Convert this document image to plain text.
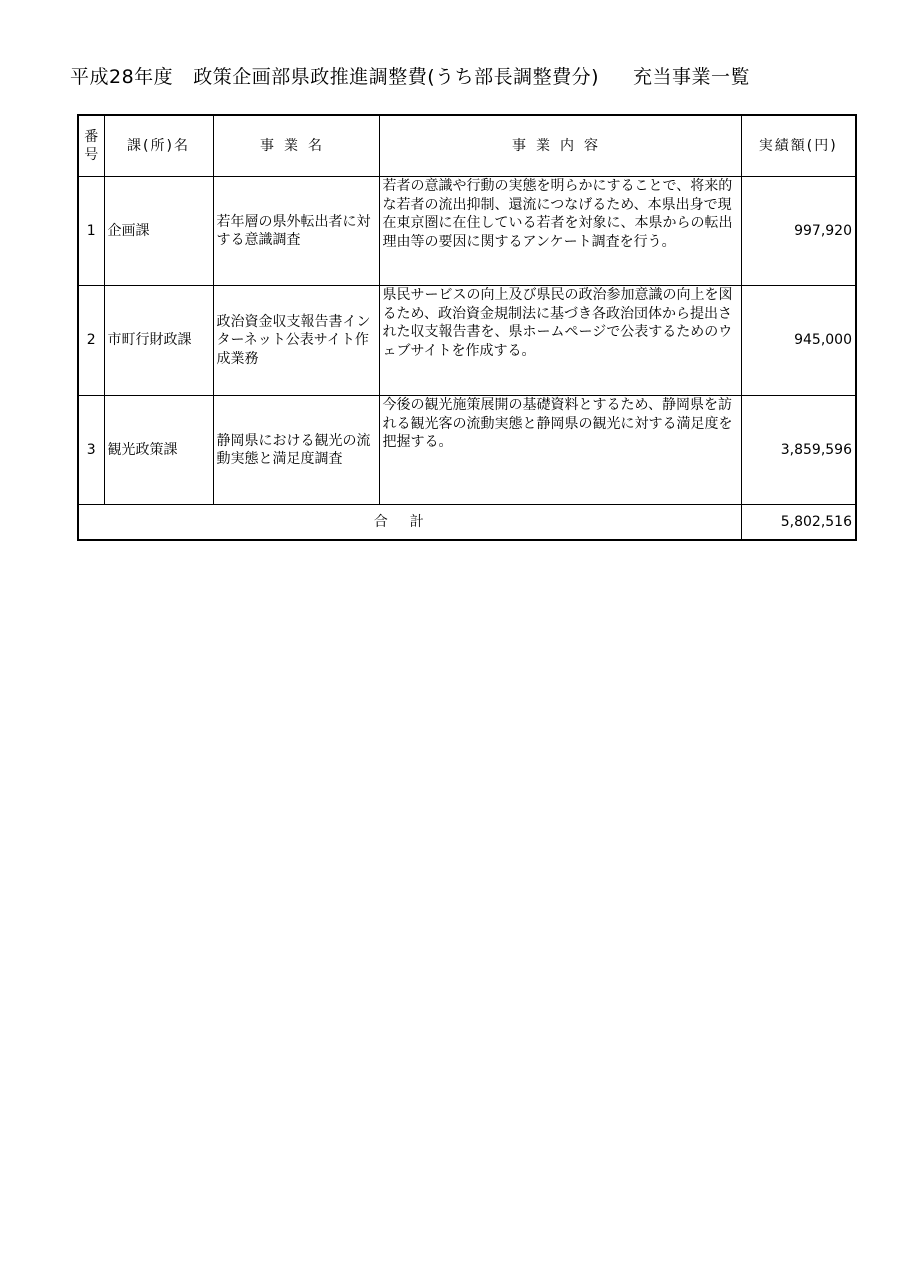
平成28年度 政策企画部県政推進調整費(うち部長調整費分) 充当事業一覧
番号	課(所)名	事業名	事業内容	実績額(円)
1	企画課	若年層の県外転出者に対する意識調査	若者の意識や行動の実態を明らかにすることで、将来的な若者の流出抑制、還流につなげるため、本県出身で現在東京圏に在住している若者を対象に、本県からの転出理由等の要因に関するアンケート調査を行う。	997,920
2	市町行財政課	政治資金収支報告書インターネット公表サイト作成業務	県民サービスの向上及び県民の政治参加意識の向上を図るため、政治資金規制法に基づき各政治団体から提出された収支報告書を、県ホームページで公表するためのウェブサイトを作成する。	945,000
3	観光政策課	静岡県における観光の流動実態と満足度調査	今後の観光施策展開の基礎資料とするため、静岡県を訪れる観光客の流動実態と静岡県の観光に対する満足度を把握する。	3,859,596
合計				5,802,516
